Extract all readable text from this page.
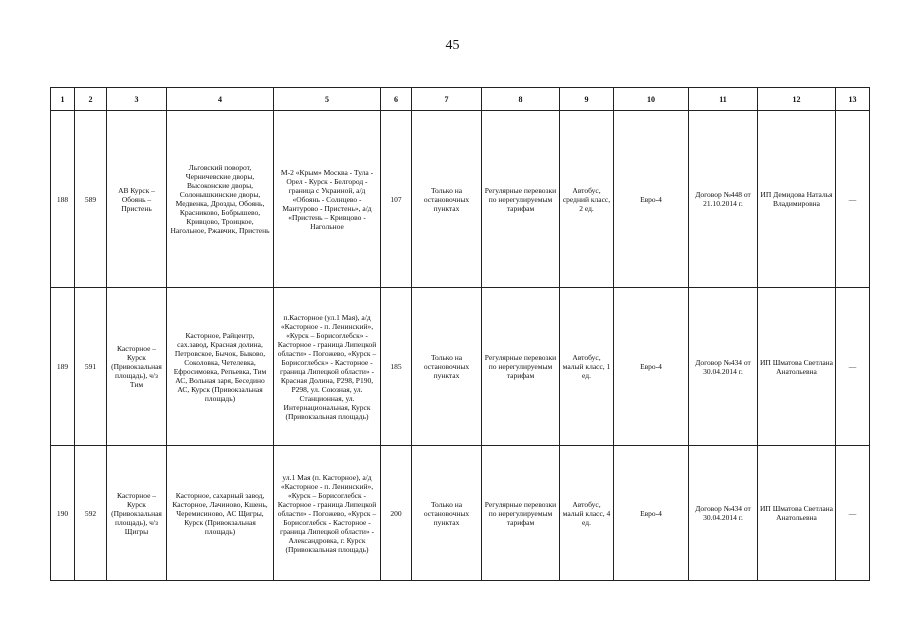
45
1	2	3	4	5	6	7	8	9	10	11	12	13
188	589	АВ Курск – Обоянь – Пристень	Льговский поворот, Черничевские дворы, Высоконские дворы, Солонышкинские дворы, Медвенка, Дрозды, Обоянь, Красниково, Бобрышево, Кривцово, Троицкое, Нагольное, Ржавчик, Пристень	М-2 «Крым» Москва - Тула - Орел - Курск - Белгород - граница с Украиной, а/д «Обоянь - Солнцево - Мантурово - Пристень», а/д «Пристень – Кривцово - Нагольное	107	Только на остановочных пунктах	Регулярные перевозки по нерегулируемым тарифам	Автобус, средний класс, 2 ед.	Евро-4	Договор №448 от 21.10.2014 г.	ИП Демидова Наталья Владимировна	—
189	591	Касторное – Курск (Привокзальная площадь), ч/з Тим	Касторное, Райцентр, сах.завод, Красная долина, Петровское, Бычок, Быково, Соколовка, Четелевка, Ефросимовка, Репьевка, Тим АС, Вольная заря, Беседино АС, Курск (Привокзальная площадь)	п.Касторное (ул.1 Мая), а/д «Касторное - п. Ленинский», «Курск – Борисоглебск» - Касторное - граница Липецкой области» - Погожево, «Курск – Борисоглебск» - Касторное - граница Липецкой области» - Красная Долина, Р298, Р190, Р298, ул. Союзная, ул. Станционная, ул. Интернациональная, Курск (Привокзальная площадь)	185	Только на остановочных пунктах	Регулярные перевозки по нерегулируемым тарифам	Автобус, малый класс, 1 ед.	Евро-4	Договор №434 от 30.04.2014 г.	ИП Шматова Светлана Анатольевна	—
190	592	Касторное – Курск (Привокзальная площадь), ч/з Щигры	Касторное, сахарный завод, Касторное, Лачиново, Кшень, Черемисиново, АС Щигры, Курск (Привокзальная площадь)	ул.1 Мая (п. Касторное), а/д «Касторное - п. Ленинский», «Курск – Борисоглебск - Касторное - граница Липецкой области» - Погожево, «Курск – Борисоглебск - Касторное - граница Липецкой области» - Александровка, г. Курск (Привокзальная площадь)	200	Только на остановочных пунктах	Регулярные перевозки по нерегулируемым тарифам	Автобус, малый класс, 4 ед.	Евро-4	Договор №434 от 30.04.2014 г.	ИП Шматова Светлана Анатольевна	—
